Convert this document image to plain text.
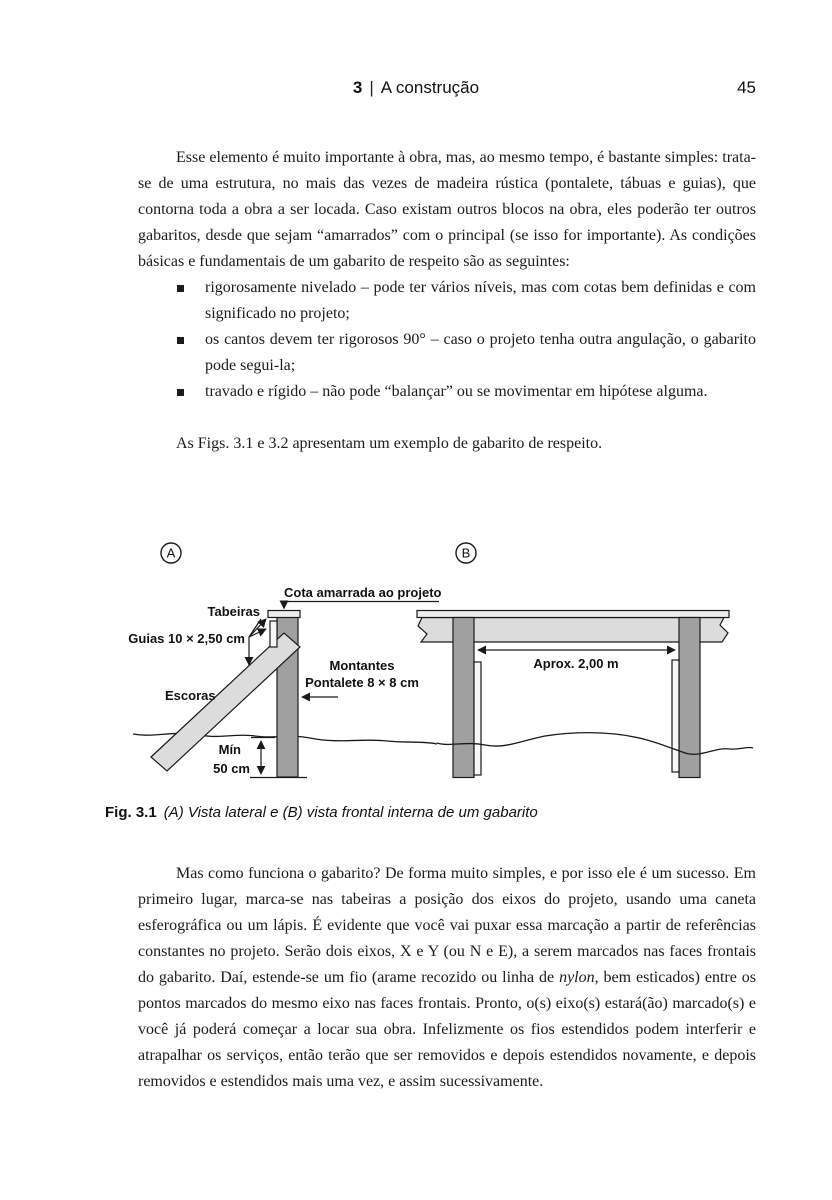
3 | A construção	45

Esse elemento é muito importante à obra, mas, ao mesmo tempo, é bastante simples: trata-se de uma estrutura, no mais das vezes de madeira rústica (pontalete, tábuas e guias), que contorna toda a obra a ser locada. Caso existam outros blocos na obra, eles poderão ter outros gabaritos, desde que sejam “amarrados” com o principal (se isso for importante). As condições básicas e fundamentais de um gabarito de respeito são as seguintes:

rigorosamente nivelado – pode ter vários níveis, mas com cotas bem definidas e com significado no projeto;
os cantos devem ter rigorosos 90° – caso o projeto tenha outra angulação, o gabarito pode segui-la;
travado e rígido – não pode “balançar” ou se movimentar em hipótese alguma.

As Figs. 3.1 e 3.2 apresentam um exemplo de gabarito de respeito.

A	B
Cota amarrada ao projeto
Tabeiras
Guias 10 × 2,50 cm
Escoras
Montantes
Pontalete 8 × 8 cm
Mín
50 cm
Aprox. 2,00 m
Fig. 3.1 (A) Vista lateral e (B) vista frontal interna de um gabarito

Mas como funciona o gabarito? De forma muito simples, e por isso ele é um sucesso. Em primeiro lugar, marca-se nas tabeiras a posição dos eixos do projeto, usando uma caneta esferográfica ou um lápis. É evidente que você vai puxar essa marcação a partir de referências constantes no projeto. Serão dois eixos, X e Y (ou N e E), a serem marcados nas faces frontais do gabarito. Daí, estende-se um fio (arame recozido ou linha de nylon, bem esticados) entre os pontos marcados do mesmo eixo nas faces frontais. Pronto, o(s) eixo(s) estará(ão) marcado(s) e você já poderá começar a locar sua obra. Infelizmente os fios estendidos podem interferir e atrapalhar os serviços, então terão que ser removidos e depois estendidos novamente, e depois removidos e estendidos mais uma vez, e assim sucessivamente.
